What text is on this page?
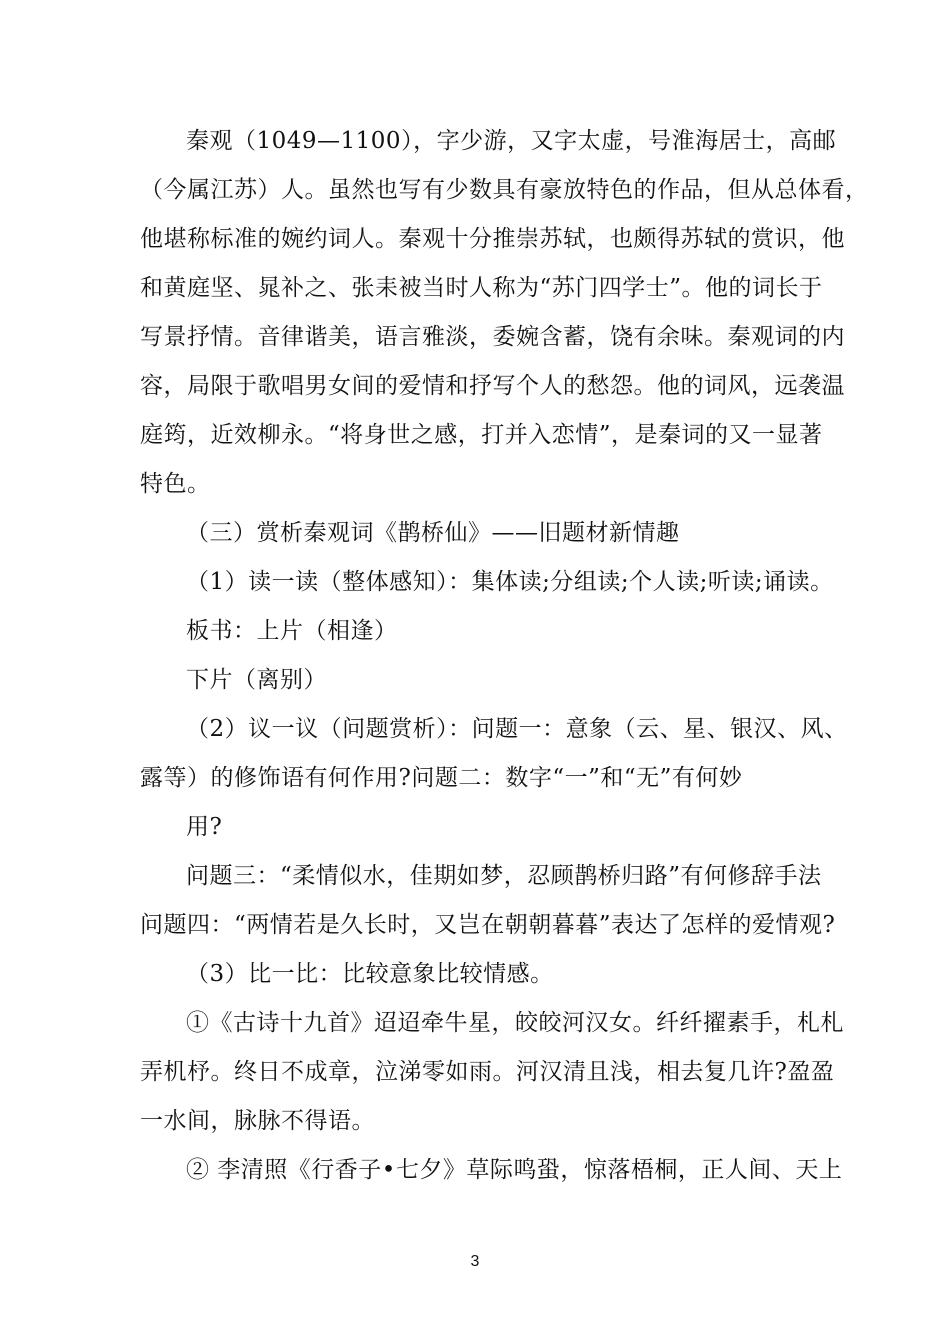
秦观（1049—1100），字少游，又字太虚，号淮海居士，高邮
（今属江苏）人。虽然也写有少数具有豪放特色的作品，但从总体看，
他堪称标准的婉约词人。秦观十分推崇苏轼，也颇得苏轼的赏识，他
和黄庭坚、晁补之、张耒被当时人称为“苏门四学士”。他的词长于
写景抒情。音律谐美，语言雅淡，委婉含蓄，饶有余味。秦观词的内
容，局限于歌唱男女间的爱情和抒写个人的愁怨。他的词风，远袭温
庭筠，近效柳永。“将身世之感，打并入恋情”，是秦词的又一显著
特色。
（三）赏析秦观词《鹊桥仙》——旧题材新情趣
（1）读一读（整体感知）：集体读;分组读;个人读;听读;诵读。
板书：上片（相逢）
下片（离别）
（2）议一议（问题赏析）：问题一：意象（云、星、银汉、风、
露等）的修饰语有何作用?问题二：数字“一”和“无”有何妙
用?
问题三：“柔情似水，佳期如梦，忍顾鹊桥归路”有何修辞手法
问题四：“两情若是久长时，又岂在朝朝暮暮”表达了怎样的爱情观?
（3）比一比：比较意象比较情感。
①《古诗十九首》迢迢牵牛星，皎皎河汉女。纤纤擢素手，札札
弄机杼。终日不成章，泣涕零如雨。河汉清且浅，相去复几许?盈盈
一水间，脉脉不得语。
② 李清照《行香子•七夕》草际鸣蛩，惊落梧桐，正人间、天上
3
